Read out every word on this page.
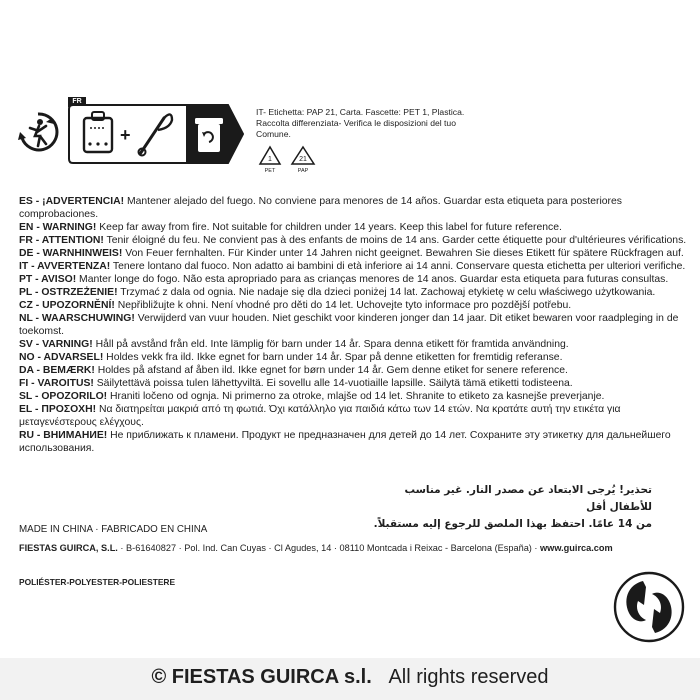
FR
+
IT- Etichetta: PAP 21, Carta. Fascette: PET 1, Plastica. Raccolta differenziata- Verifica le disposizioni del tuo Comune.
1
PET
21
PAP
ES - ¡ADVERTENCIA! Mantener alejado del fuego. No conviene para menores de 14 años. Guardar esta etiqueta para posteriores comprobaciones.
EN - WARNING! Keep far away from fire. Not suitable for children under 14 years. Keep this label for future reference.
FR - ATTENTION! Tenir éloigné du feu. Ne convient pas à des enfants de moins de 14 ans. Garder cette étiquette pour d'ultérieures vérifications.
DE - WARNHINWEIS! Von Feuer fernhalten. Für Kinder unter 14 Jahren nicht geeignet. Bewahren Sie dieses Etikett für spätere Rückfragen auf.
IT - AVVERTENZA! Tenere lontano dal fuoco. Non adatto ai bambini di età inferiore ai 14 anni. Conservare questa etichetta per ulteriori verifiche.
PT - AVISO! Manter longe do fogo. Não esta apropriado para as crianças menores de 14 anos. Guardar esta etiqueta para futuras consultas.
PL - OSTRZEŻENIE! Trzymać z dala od ognia. Nie nadaje się dla dzieci poniżej 14 lat. Zachowaj etykietę w celu właściwego użytkowania.
CZ - UPOZORNĚNÍ! Nepřibližujte k ohni. Není vhodné pro děti do 14 let. Uchovejte tyto informace pro pozdější potřebu.
NL - WAARSCHUWING! Verwijderd van vuur houden. Niet geschikt voor kinderen jonger dan 14 jaar. Dit etiket bewaren voor raadpleging in de toekomst.
SV - VARNING! Håll på avstånd från eld. Inte lämplig för barn under 14 år. Spara denna etikett för framtida användning.
NO - ADVARSEL! Holdes vekk fra ild. Ikke egnet for barn under 14 år. Spar på denne etiketten for fremtidig referanse.
DA - BEMÆRK! Holdes på afstand af åben ild. Ikke egnet for børn under 14 år. Gem denne etiket for senere reference.
FI - VAROITUS! Säilytettävä poissa tulen lähettyviltä. Ei sovellu alle 14-vuotiaille lapsille. Säilytä tämä etiketti todisteena.
SL - OPOZORILO! Hraniti ločeno od ognja. Ni primerno za otroke, mlajše od 14 let. Shranite to etiketo za kasnejše preverjanje.
EL - ΠΡΟΣΟΧΗ! Να διατηρείται μακριά από τη φωτιά. Όχι κατάλληλο για παιδιά κάτω των 14 ετών. Να κρατάτε αυτή την ετικέτα για μεταγενέστερους ελέγχους.
RU - ВНИМАНИЕ! Не приближать к пламени. Продукт не предназначен для детей до 14 лет. Сохраните эту этикетку для дальнейшего использования.
تحذير! يُرجى الابتعاد عن مصدر النار. غير مناسب للأطفال أقل
من 14 عامًا. احتفظ بهذا الملصق للرجوع إليه مستقبلاً.
MADE IN CHINA · FABRICADO EN CHINA
FIESTAS GUIRCA, S.L. · B-61640827 · Pol. Ind. Can Cuyas · Cl Agudes, 14 · 08110 Montcada i Reixac - Barcelona (España) · www.guirca.com
POLIÉSTER-POLYESTER-POLIESTERE
© FIESTAS GUIRCA s.l. All rights reserved
